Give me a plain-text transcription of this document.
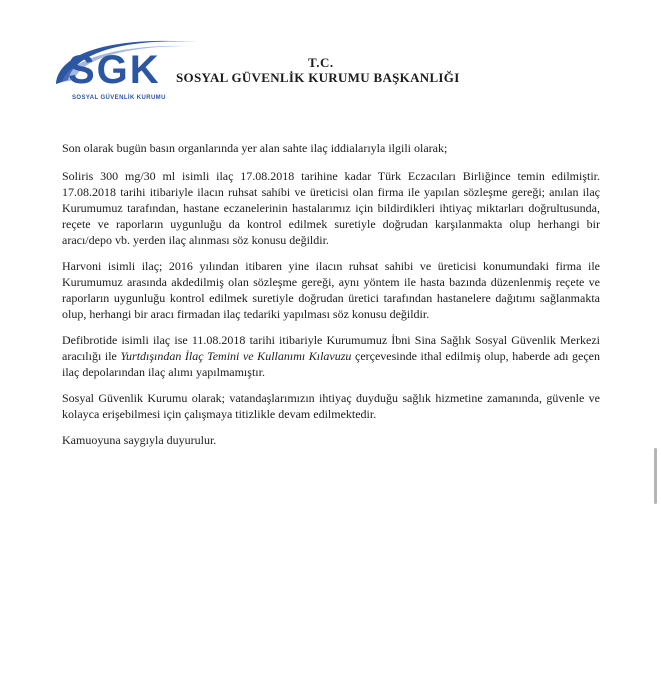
SGK
SOSYAL GÜVENLİK KURUMU
T.C.
SOSYAL GÜVENLİK KURUMU BAŞKANLIĞI

Son olarak bugün basın organlarında yer alan sahte ilaç iddialarıyla ilgili olarak;

Soliris 300 mg/30 ml isimli ilaç 17.08.2018 tarihine kadar Türk Eczacıları Birliğince temin edilmiştir. 17.08.2018 tarihi itibariyle ilacın ruhsat sahibi ve üreticisi olan firma ile yapılan sözleşme gereği; anılan ilaç Kurumumuz tarafından, hastane eczanelerinin hastalarımız için bildirdikleri ihtiyaç miktarları doğrultusunda, reçete ve raporların uygunluğu da kontrol edilmek suretiyle doğrudan karşılanmakta olup herhangi bir aracı/depo vb. yerden ilaç alınması söz konusu değildir.

Harvoni isimli ilaç; 2016 yılından itibaren yine ilacın ruhsat sahibi ve üreticisi konumundaki firma ile Kurumumuz arasında akdedilmiş olan sözleşme gereği, aynı yöntem ile hasta bazında düzenlenmiş reçete ve raporların uygunluğu kontrol edilmek suretiyle doğrudan üretici tarafından hastanelere dağıtımı sağlanmakta olup, herhangi bir aracı firmadan ilaç tedariki yapılması söz konusu değildir.

Defibrotide isimli ilaç ise 11.08.2018 tarihi itibariyle Kurumumuz İbni Sina Sağlık Sosyal Güvenlik Merkezi aracılığı ile Yurtdışından İlaç Temini ve Kullanımı Kılavuzu çerçevesinde ithal edilmiş olup, haberde adı geçen ilaç depolarından ilaç alımı yapılmamıştır.

Sosyal Güvenlik Kurumu olarak; vatandaşlarımızın ihtiyaç duyduğu sağlık hizmetine zamanında, güvenle ve kolayca erişebilmesi için çalışmaya titizlikle devam edilmektedir.

Kamuoyuna saygıyla duyurulur.
